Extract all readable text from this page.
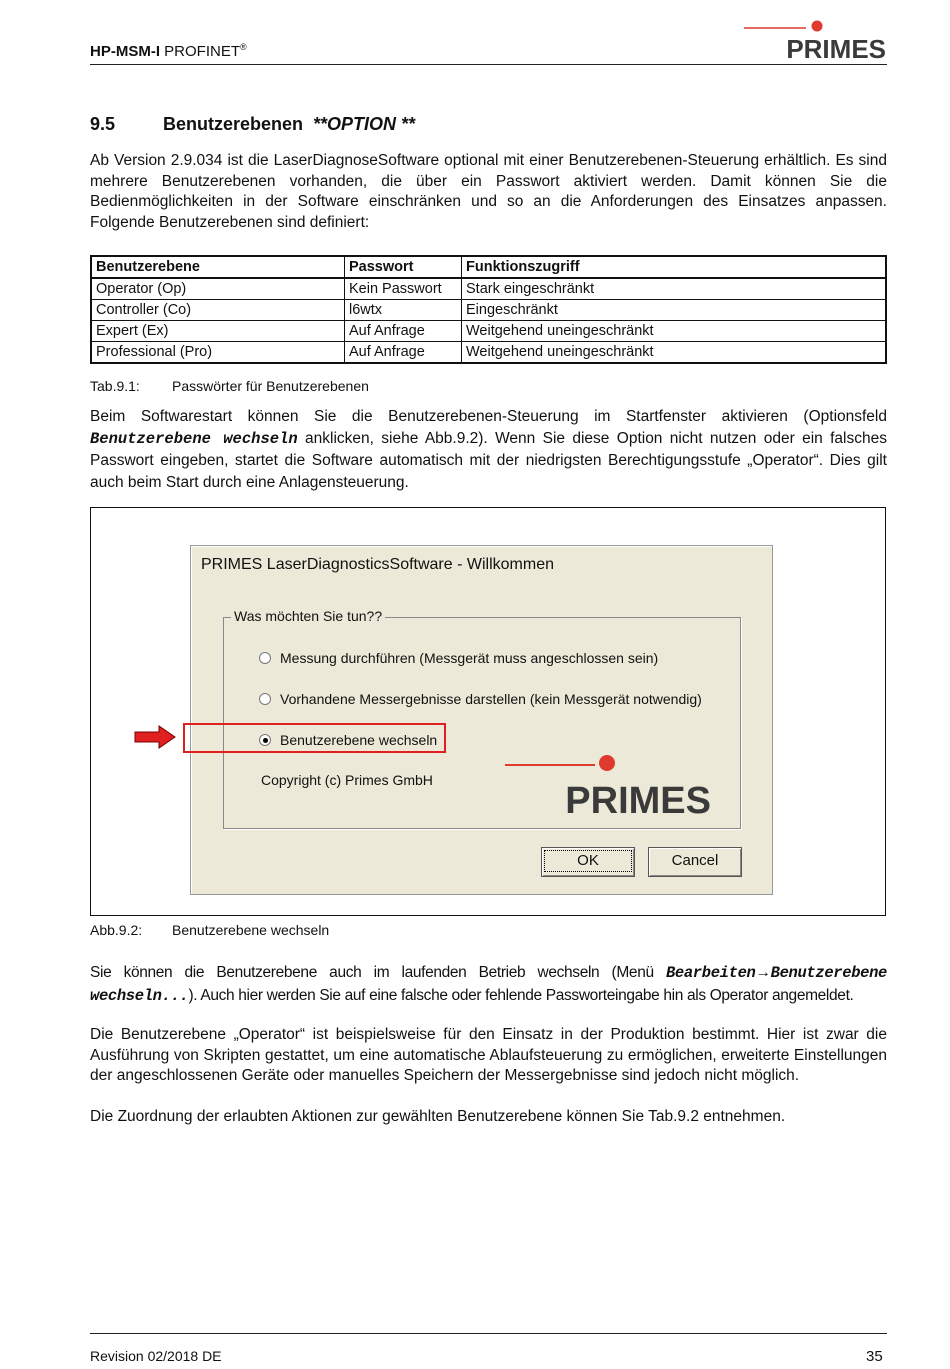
HP-MSM-I PROFINET®	PRIMES
9.5	Benutzerebenen **OPTION **
Ab Version 2.9.034 ist die LaserDiagnoseSoftware optional mit einer Benutzerebenen-Steuerung erhältlich. Es sind mehrere Benutzerebenen vorhanden, die über ein Passwort aktiviert werden. Damit können Sie die Bedienmöglichkeiten in der Software einschränken und so an die Anforderungen des Einsatzes anpassen. Folgende Benutzerebenen sind definiert:
Benutzerebene	Passwort	Funktionszugriff
Operator (Op)	Kein Passwort	Stark eingeschränkt
Controller (Co)	l6wtx	Eingeschränkt
Expert (Ex)	Auf Anfrage	Weitgehend uneingeschränkt
Professional (Pro)	Auf Anfrage	Weitgehend uneingeschränkt
Tab.9.1: Passwörter für Benutzerebenen
Beim Softwarestart können Sie die Benutzerebenen-Steuerung im Startfenster aktivieren (Optionsfeld Benutzerebene wechseln anklicken, siehe Abb.9.2). Wenn Sie diese Option nicht nutzen oder ein falsches Passwort eingeben, startet die Software automatisch mit der niedrigsten Berechtigungsstufe „Operator“. Dies gilt auch beim Start durch eine Anlagensteuerung.
PRIMES LaserDiagnosticsSoftware - Willkommen
Was möchten Sie tun??
Messung durchführen (Messgerät muss angeschlossen sein)
Vorhandene Messergebnisse darstellen (kein Messgerät notwendig)
Benutzerebene wechseln
Copyright (c) Primes GmbH	PRIMES
OK	Cancel
Abb.9.2: Benutzerebene wechseln
Sie können die Benutzerebene auch im laufenden Betrieb wechseln (Menü Bearbeiten→Benutzerebene wechseln...). Auch hier werden Sie auf eine falsche oder fehlende Passworteingabe hin als Operator angemeldet.
Die Benutzerebene „Operator“ ist beispielsweise für den Einsatz in der Produktion bestimmt. Hier ist zwar die Ausführung von Skripten gestattet, um eine automatische Ablaufsteuerung zu ermöglichen, erweiterte Einstellungen der angeschlossenen Geräte oder manuelles Speichern der Messergebnisse sind jedoch nicht möglich.
Die Zuordnung der erlaubten Aktionen zur gewählten Benutzerebene können Sie Tab.9.2 entnehmen.
Revision 02/2018 DE	35
